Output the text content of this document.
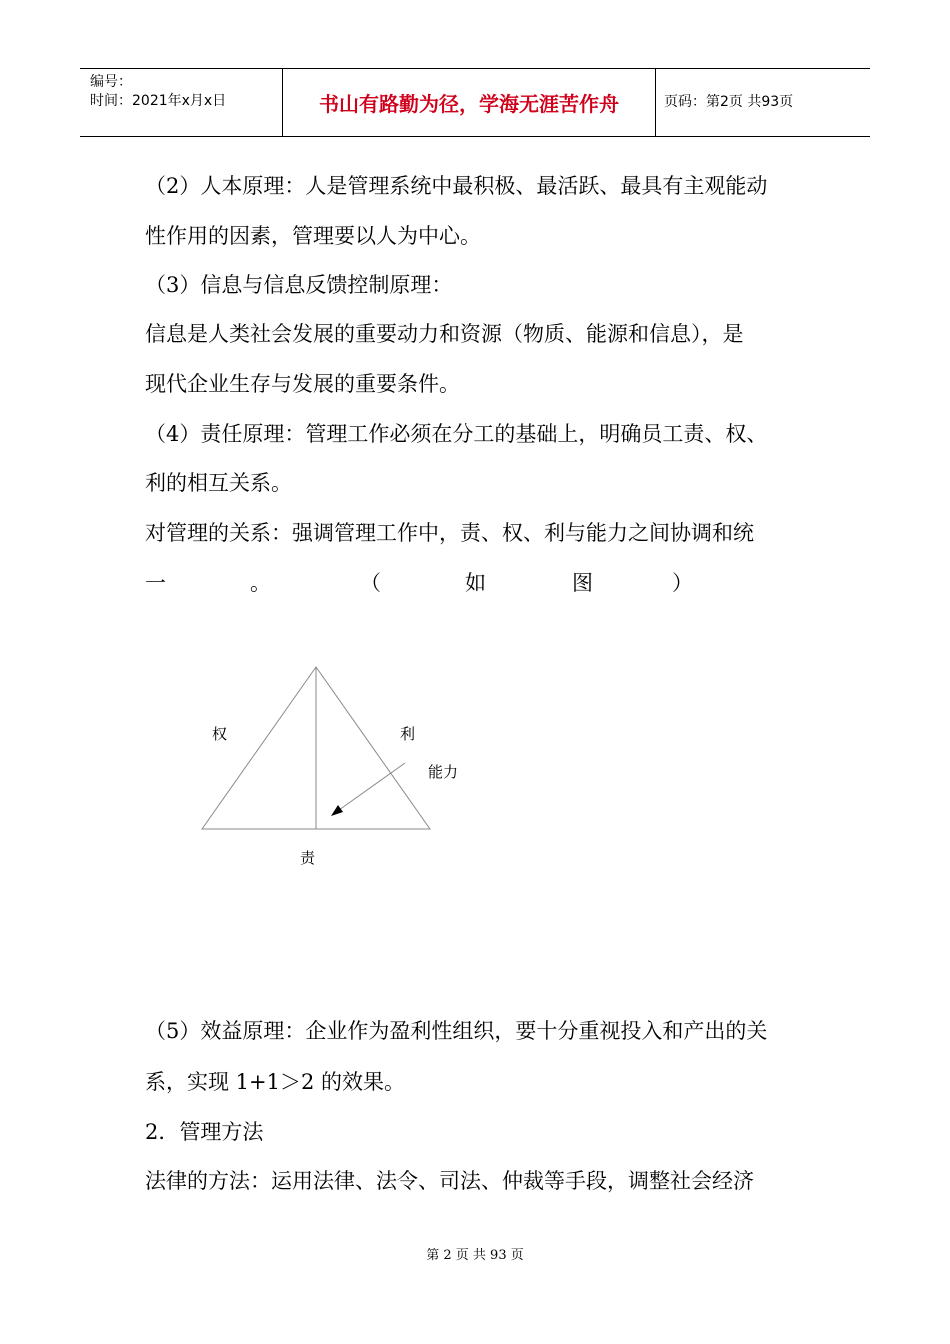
编号：
时间：2021年x月x日	书山有路勤为径，学海无涯苦作舟	页码：第2页 共93页
（2）人本原理：人是管理系统中最积极、最活跃、最具有主观能动
性作用的因素，管理要以人为中心。
（3）信息与信息反馈控制原理：
信息是人类社会发展的重要动力和资源（物质、能源和信息），是
现代企业生存与发展的重要条件。
（4）责任原理：管理工作必须在分工的基础上，明确员工责、权、
利的相互关系。
对管理的关系：强调管理工作中，责、权、利与能力之间协调和统
一	。	（	如	图	）
权	利
能力
责
（5）效益原理：企业作为盈利性组织，要十分重视投入和产出的关
系，实现 1+1＞2 的效果。
2．管理方法
法律的方法：运用法律、法令、司法、仲裁等手段，调整社会经济
第 2 页 共 93 页
